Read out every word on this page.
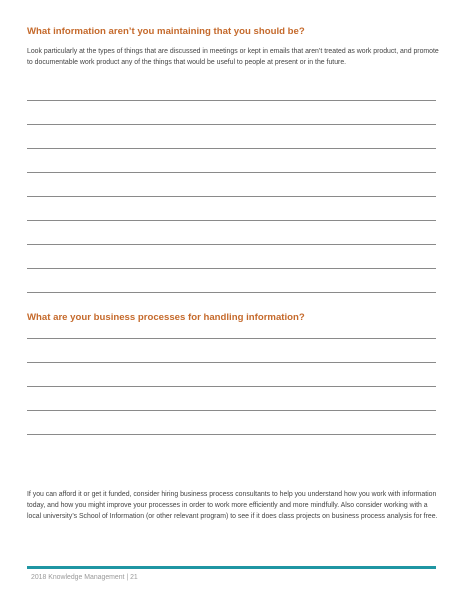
What information aren’t you maintaining that you should be?

Look particularly at the types of things that are discussed in meetings or kept in emails that aren’t treated as work product, and promote to documentable work product any of the things that would be useful to people at present or in the future.

What are your business processes for handling information?

If you can afford it or get it funded, consider hiring business process consultants to help you understand how you work with information today, and how you might improve your processes in order to work more efficiently and more mindfully. Also consider working with a local university’s School of Information (or other relevant program) to see if it does class projects on business process analysis for free.

2018 Knowledge Management | 21
